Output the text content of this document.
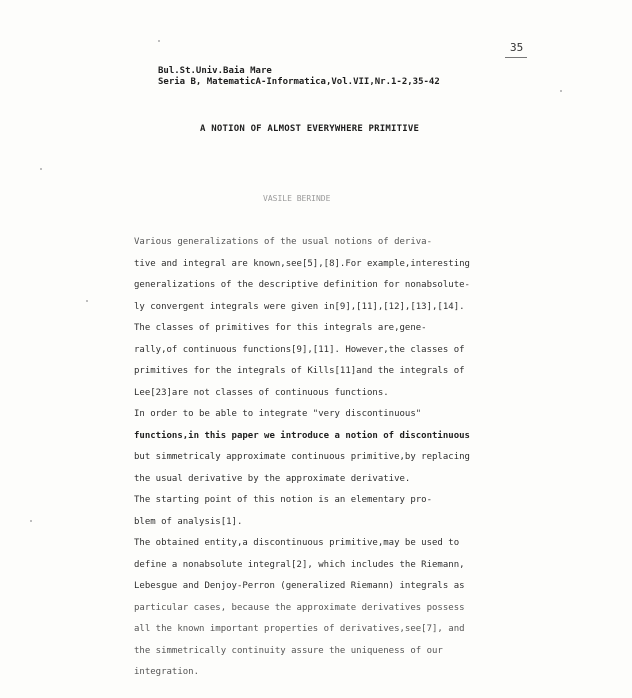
35
Bul.St.Univ.Baia Mare
Seria B, MatematicA-Informatica,Vol.VII,Nr.1-2,35-42
A NOTION OF ALMOST EVERYWHERE PRIMITIVE
VASILE BERINDE
Various generalizations of the usual notions of deriva-
tive and integral are known,see[5],[8].For example,interesting
generalizations of the descriptive definition for nonabsolute-
ly convergent integrals were given in[9],[11],[12],[13],[14].
The classes of primitives for this integrals are,gene-
rally,of continuous functions[9],[11]. However,the classes of
primitives for the integrals of Kills[11]and the integrals of
Lee[23]are not classes of continuous functions.
In order to be able to integrate "very discontinuous"
functions,in this paper we introduce a notion of discontinuous
but simmetricaly approximate continuous primitive,by replacing
the usual derivative by the approximate derivative.
The starting point of this notion is an elementary pro-
blem of analysis[1].
The obtained entity,a discontinuous primitive,may be used to
define a nonabsolute integral[2], which includes the Riemann,
Lebesgue and Denjoy-Perron (generalized Riemann) integrals as
particular cases, because the approximate derivatives possess
all the known important properties of derivatives,see[7], and
the simmetrically continuity assure the uniqueness of our
integration.
